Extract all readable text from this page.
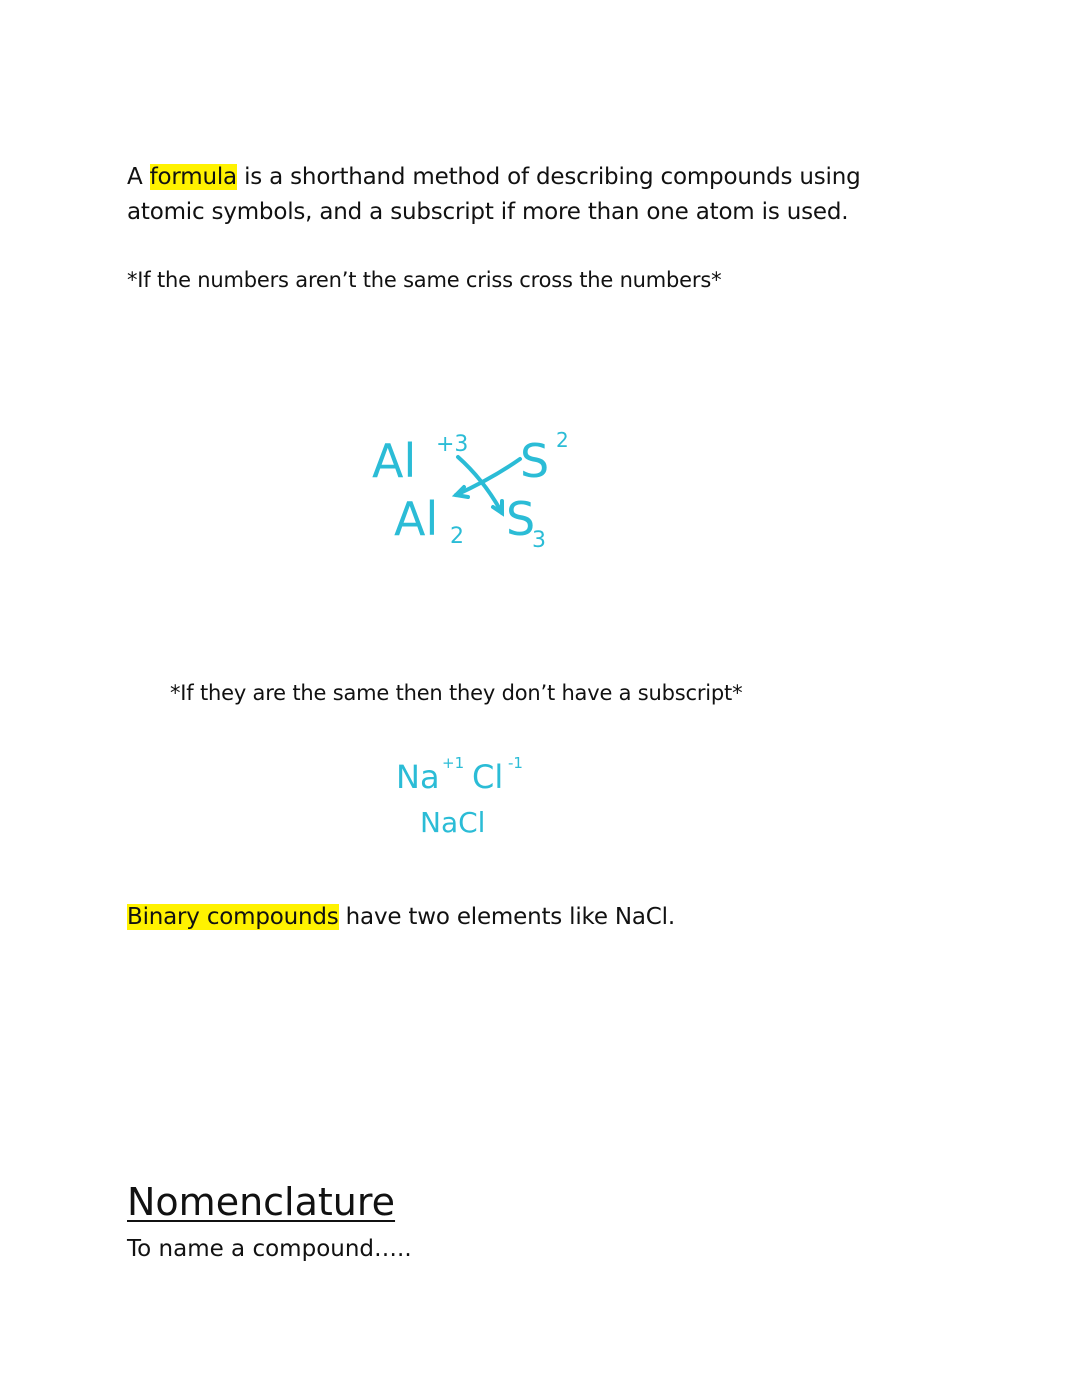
A formula is a shorthand method of describing compounds using

atomic symbols, and a subscript if more than one atom is used.

*If the numbers aren’t the same criss cross the numbers*

Al +3 S 2
Al 2 S
3

*If they are the same then they don’t have a subscript*

Na +1 Cl -1
NaCl

Binary compounds have two elements like NaCl.

Nomenclature

To name a compound…..
